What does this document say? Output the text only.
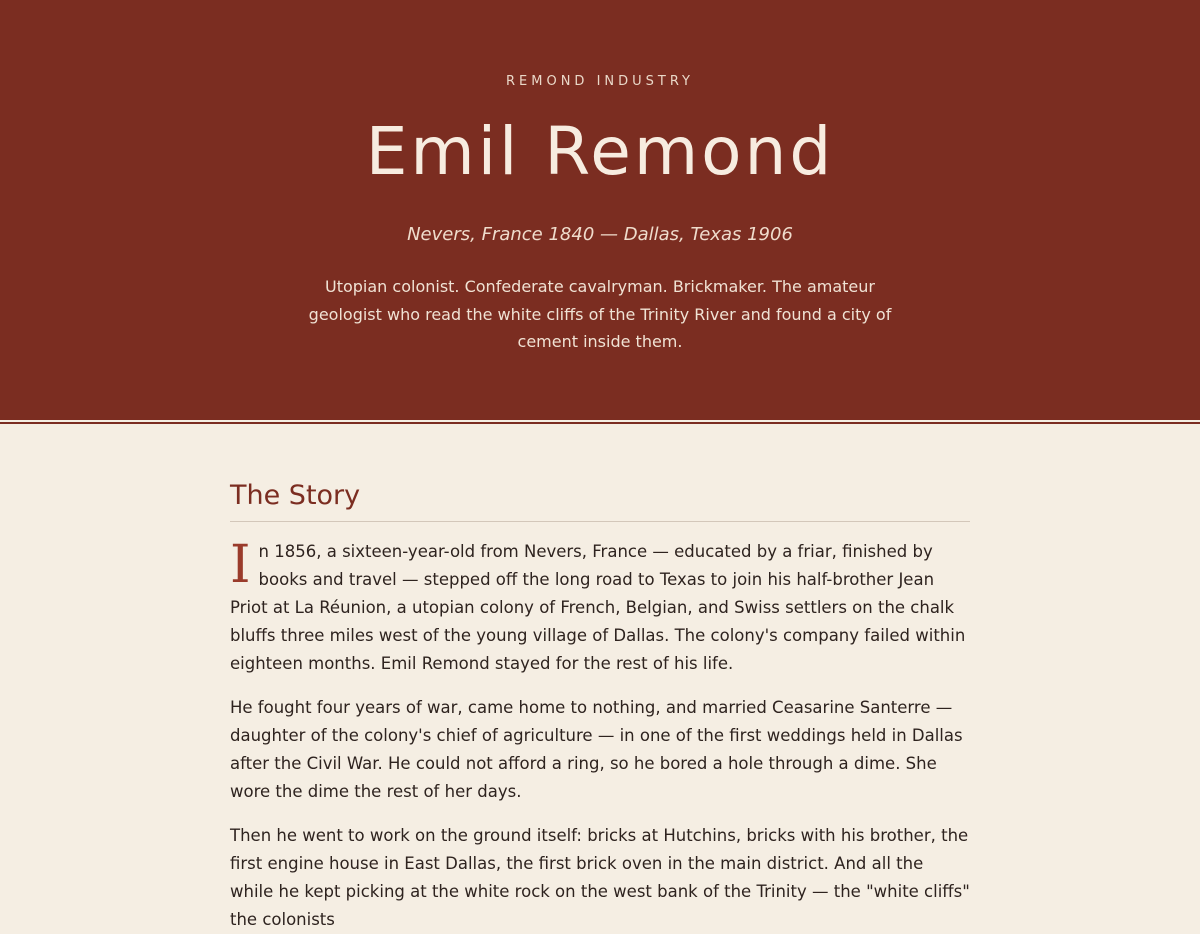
REMOND INDUSTRY
Emil Remond
Nevers, France 1840 — Dallas, Texas 1906
Utopian colonist. Confederate cavalryman. Brickmaker. The amateur geologist who read the white cliffs of the Trinity River and found a city of cement inside them.
The Story

In 1856, a sixteen-year-old from Nevers, France — educated by a friar, finished by books and travel — stepped off the long road to Texas to join his half-brother Jean Priot at La Réunion, a utopian colony of French, Belgian, and Swiss settlers on the chalk bluffs three miles west of the young village of Dallas. The colony's company failed within eighteen months. Emil Remond stayed for the rest of his life.

He fought four years of war, came home to nothing, and married Ceasarine Santerre — daughter of the colony's chief of agriculture — in one of the first weddings held in Dallas after the Civil War. He could not afford a ring, so he bored a hole through a dime. She wore the dime the rest of her days.

Then he went to work on the ground itself: bricks at Hutchins, bricks with his brother, the first engine house in East Dallas, the first brick oven in the main district. And all the while he kept picking at the white rock on the west bank of the Trinity — the "white cliffs" the colonists
